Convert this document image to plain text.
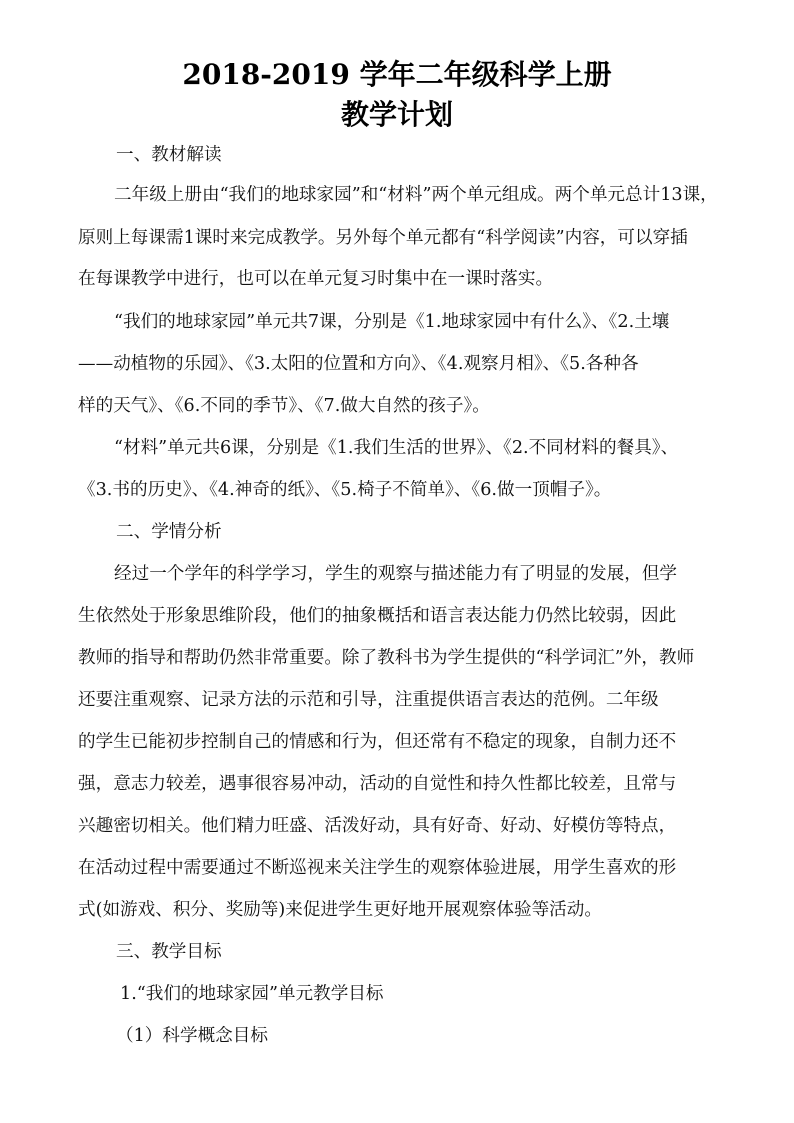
2018-2019 学年二年级科学上册
教学计划
一、教材解读
二年级上册由“我们的地球家园”和“材料”两个单元组成。两个单元总计13课，
原则上每课需1课时来完成教学。另外每个单元都有“科学阅读”内容，可以穿插
在每课教学中进行，也可以在单元复习时集中在一课时落实。
“我们的地球家园”单元共7课，分别是《1.地球家园中有什么》、《2.土壤
——动植物的乐园》、《3.太阳的位置和方向》、《4.观察月相》、《5.各种各
样的天气》、《6.不同的季节》、《7.做大自然的孩子》。
“材料”单元共6课，分别是《1.我们生活的世界》、《2.不同材料的餐具》、
《3.书的历史》、《4.神奇的纸》、《5.椅子不简单》、《6.做一顶帽子》。
二、学情分析
经过一个学年的科学学习，学生的观察与描述能力有了明显的发展，但学
生依然处于形象思维阶段，他们的抽象概括和语言表达能力仍然比较弱，因此
教师的指导和帮助仍然非常重要。除了教科书为学生提供的“科学词汇”外，教师
还要注重观察、记录方法的示范和引导，注重提供语言表达的范例。二年级
的学生已能初步控制自己的情感和行为，但还常有不稳定的现象，自制力还不
强，意志力较差，遇事很容易冲动，活动的自觉性和持久性都比较差，且常与
兴趣密切相关。他们精力旺盛、活泼好动，具有好奇、好动、好模仿等特点，
在活动过程中需要通过不断巡视来关注学生的观察体验进展，用学生喜欢的形
式(如游戏、积分、奖励等)来促进学生更好地开展观察体验等活动。
三、教学目标
1.“我们的地球家园”单元教学目标
（1）科学概念目标
